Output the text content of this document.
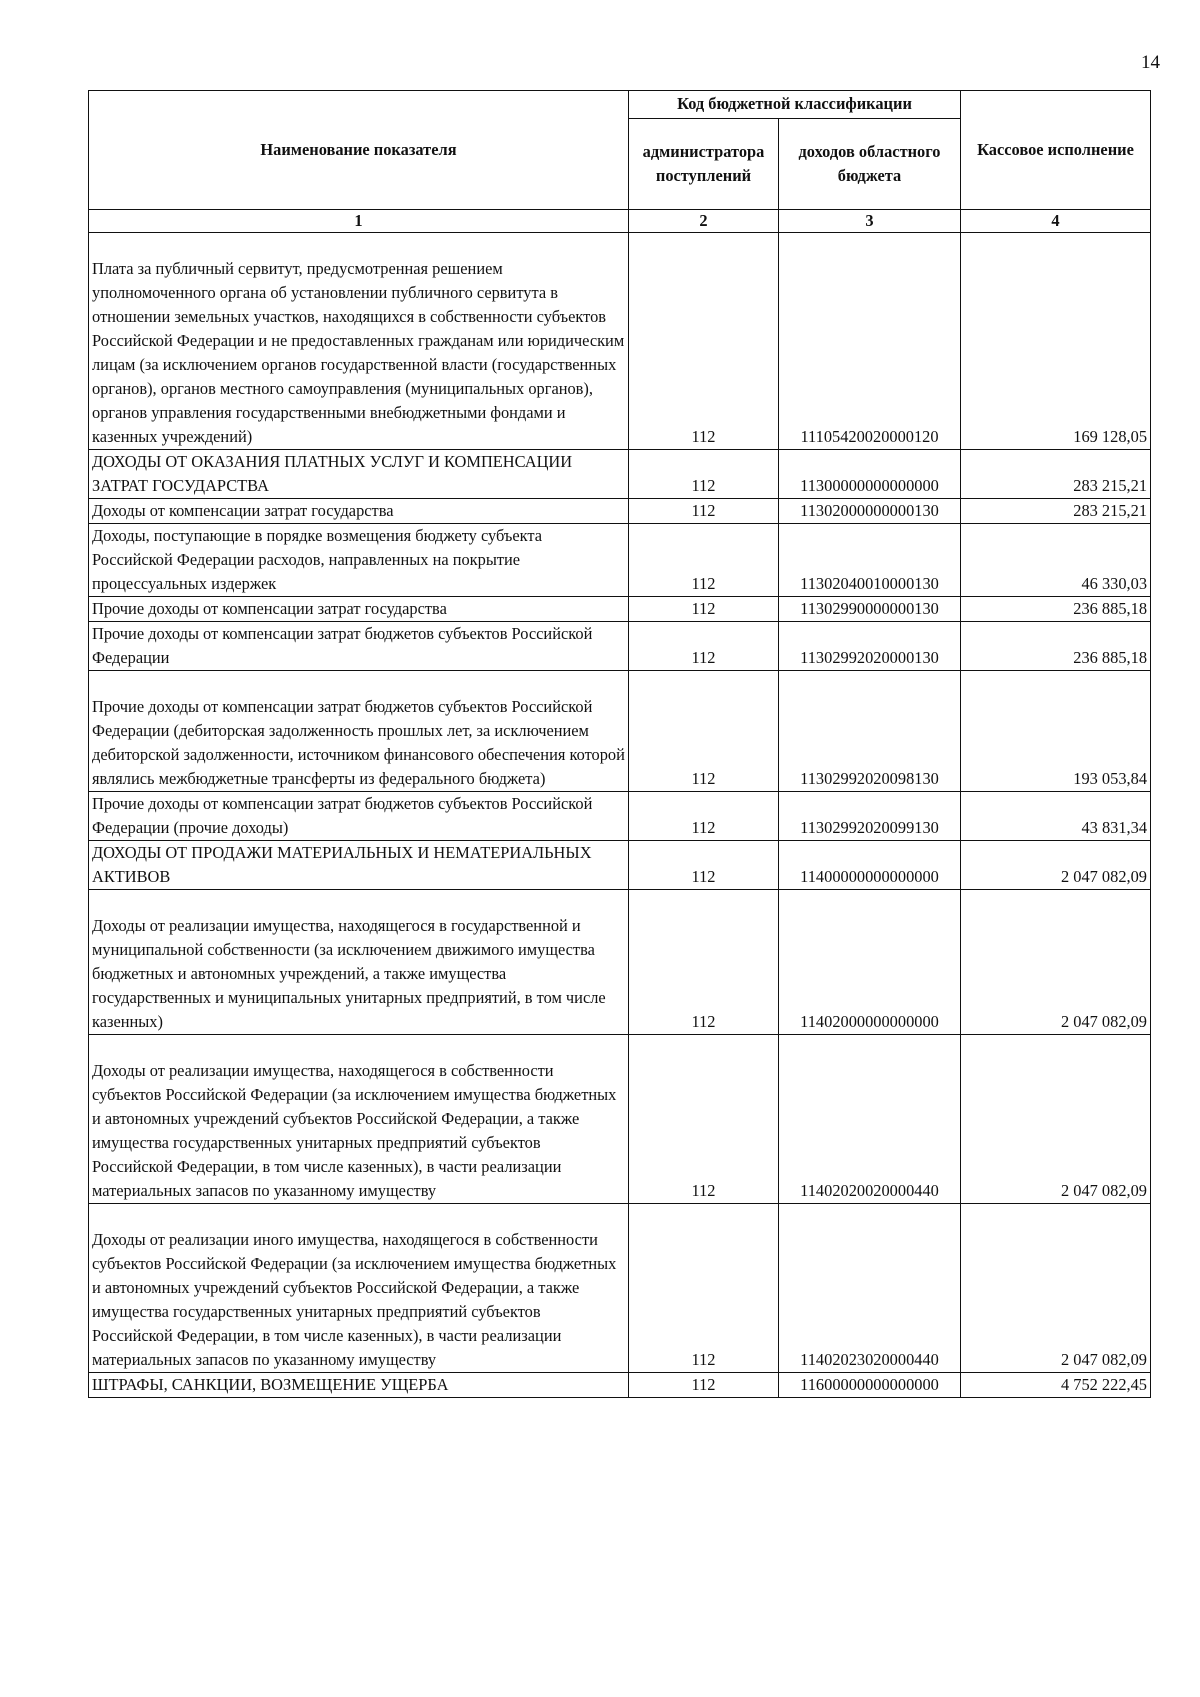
14
Наименование показателя	Код бюджетной классификации		Кассовое исполнение
	администратора поступлений	доходов областного бюджета	
1	2	3	4
Плата за публичный сервитут, предусмотренная решением уполномоченного органа об установлении публичного сервитута в отношении земельных участков, находящихся в собственности субъектов Российской Федерации и не предоставленных гражданам или юридическим лицам (за исключением органов государственной власти (государственных органов), органов местного самоуправления (муниципальных органов), органов управления государственными внебюджетными фондами и казенных учреждений)	112	11105420020000120	169 128,05
ДОХОДЫ ОТ ОКАЗАНИЯ ПЛАТНЫХ УСЛУГ И КОМПЕНСАЦИИ ЗАТРАТ ГОСУДАРСТВА	112	11300000000000000	283 215,21
Доходы от компенсации затрат государства	112	11302000000000130	283 215,21
Доходы, поступающие в порядке возмещения бюджету субъекта Российской Федерации расходов, направленных на покрытие процессуальных издержек	112	11302040010000130	46 330,03
Прочие доходы от компенсации затрат государства	112	11302990000000130	236 885,18
Прочие доходы от компенсации затрат бюджетов субъектов Российской Федерации	112	11302992020000130	236 885,18
Прочие доходы от компенсации затрат бюджетов субъектов Российской Федерации (дебиторская задолженность прошлых лет, за исключением дебиторской задолженности, источником финансового обеспечения которой являлись межбюджетные трансферты из федерального бюджета)	112	11302992020098130	193 053,84
Прочие доходы от компенсации затрат бюджетов субъектов Российской Федерации (прочие доходы)	112	11302992020099130	43 831,34
ДОХОДЫ ОТ ПРОДАЖИ МАТЕРИАЛЬНЫХ И НЕМАТЕРИАЛЬНЫХ АКТИВОВ	112	11400000000000000	2 047 082,09
Доходы от реализации имущества, находящегося в государственной и муниципальной собственности (за исключением движимого имущества бюджетных и автономных учреждений, а также имущества государственных и муниципальных унитарных предприятий, в том числе казенных)	112	11402000000000000	2 047 082,09
Доходы от реализации имущества, находящегося в собственности субъектов Российской Федерации (за исключением имущества бюджетных и автономных учреждений субъектов Российской Федерации, а также имущества государственных унитарных предприятий субъектов Российской Федерации, в том числе казенных), в части реализации материальных запасов по указанному имуществу	112	11402020020000440	2 047 082,09
Доходы от реализации иного имущества, находящегося в собственности субъектов Российской Федерации (за исключением имущества бюджетных и автономных учреждений субъектов Российской Федерации, а также имущества государственных унитарных предприятий субъектов Российской Федерации, в том числе казенных), в части реализации материальных запасов по указанному имуществу	112	11402023020000440	2 047 082,09
ШТРАФЫ, САНКЦИИ, ВОЗМЕЩЕНИЕ УЩЕРБА	112	11600000000000000	4 752 222,45
